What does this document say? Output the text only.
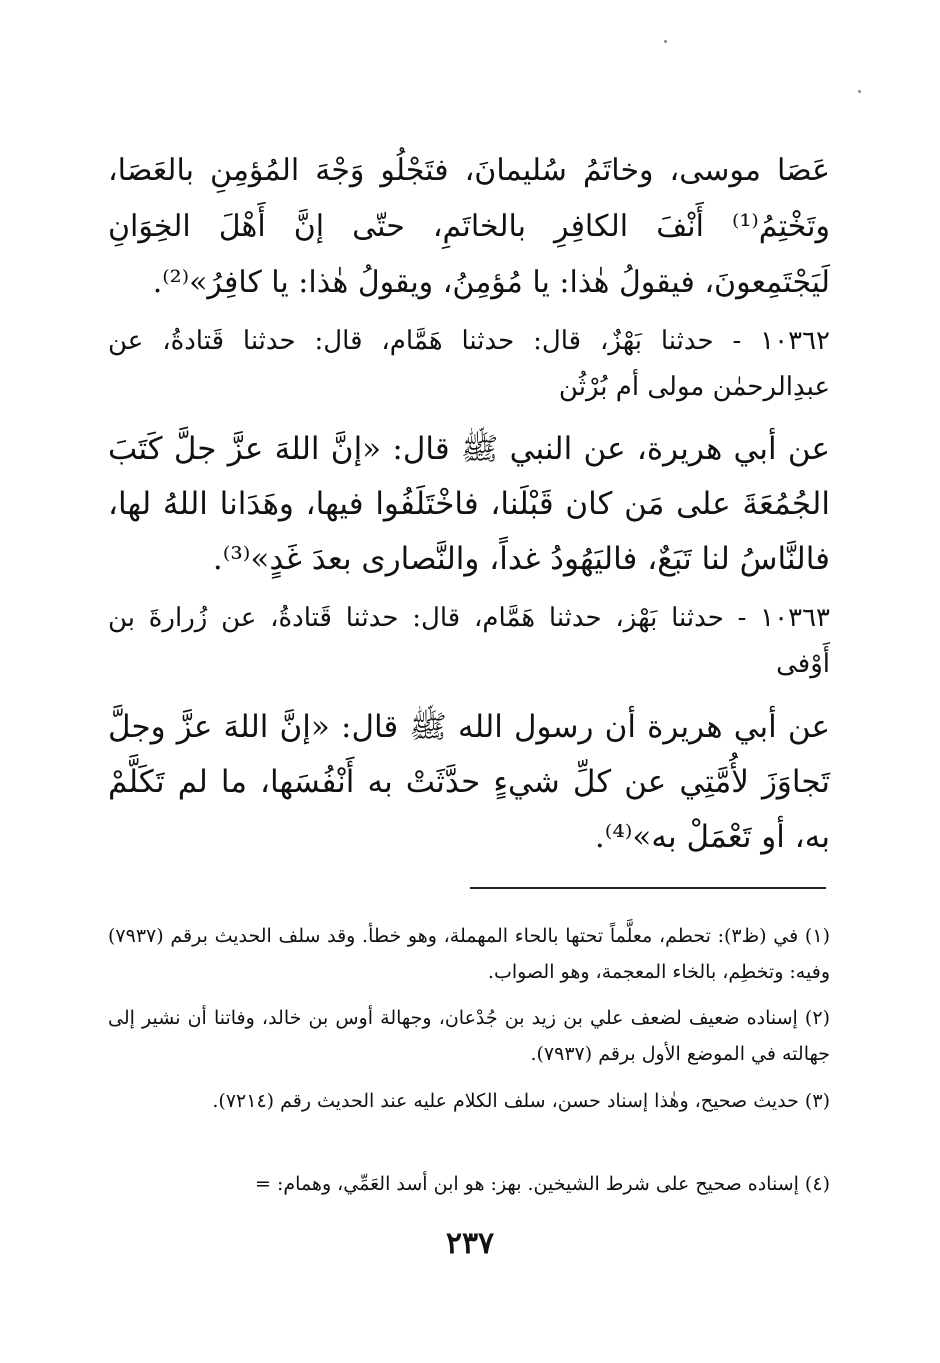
عَصَا موسى، وخاتَمُ سُليمانَ، فتَجْلُو وَجْهَ المُؤمِنِ بالعَصَا، وتَخْتِمُ⁽¹⁾ أَنْفَ الكافِرِ بالخاتَمِ، حتّى إنَّ أَهْلَ الخِوَانِ لَيَجْتَمِعونَ، فيقولُ هٰذا: يا مُؤمِنُ، ويقولُ هٰذا: يا كافِرُ»⁽²⁾.

١٠٣٦٢ - حدثنا بَهْزٌ، قال: حدثنا هَمَّام، قال: حدثنا قَتادةُ، عن عبدِالرحمٰن مولى أم بُرْثُن

عن أبي هريرة، عن النبي ﷺ قال: «إنَّ اللهَ عزَّ جلَّ كَتَبَ الجُمُعَةَ على مَن كان قَبْلَنا، فاخْتَلَفُوا فيها، وهَدَانا اللهُ لها، فالنَّاسُ لنا تَبَعٌ، فاليَهُودُ غداً، والنَّصارى بعدَ غَدٍ»⁽³⁾.

١٠٣٦٣ - حدثنا بَهْز، حدثنا هَمَّام، قال: حدثنا قَتادةُ، عن زُرارةَ بن أَوْفى

عن أبي هريرة أن رسول الله ﷺ قال: «إنَّ اللهَ عزَّ وجلَّ تَجاوَزَ لأُمَّتِي عن كلِّ شيءٍ حدَّثَتْ به أَنْفُسَها، ما لم تَكَلَّمْ به، أو تَعْمَلْ به»⁽⁴⁾.

(١) في (ظ٣): تحطم، معلَّماً تحتها بالحاء المهملة، وهو خطأ. وقد سلف الحديث برقم (٧٩٣٧) وفيه: وتخطِم، بالخاء المعجمة، وهو الصواب.

(٢) إسناده ضعيف لضعف علي بن زيد بن جُدْعان، وجهالة أوس بن خالد، وفاتنا أن نشير إلى جهالته في الموضع الأول برقم (٧٩٣٧).

(٣) حديث صحيح، وهٰذا إسناد حسن، سلف الكلام عليه عند الحديث رقم (٧٢١٤).

(٤) إسناده صحيح على شرط الشيخين. بهز: هو ابن أسد العَمِّي، وهمام: =

٢٣٧
